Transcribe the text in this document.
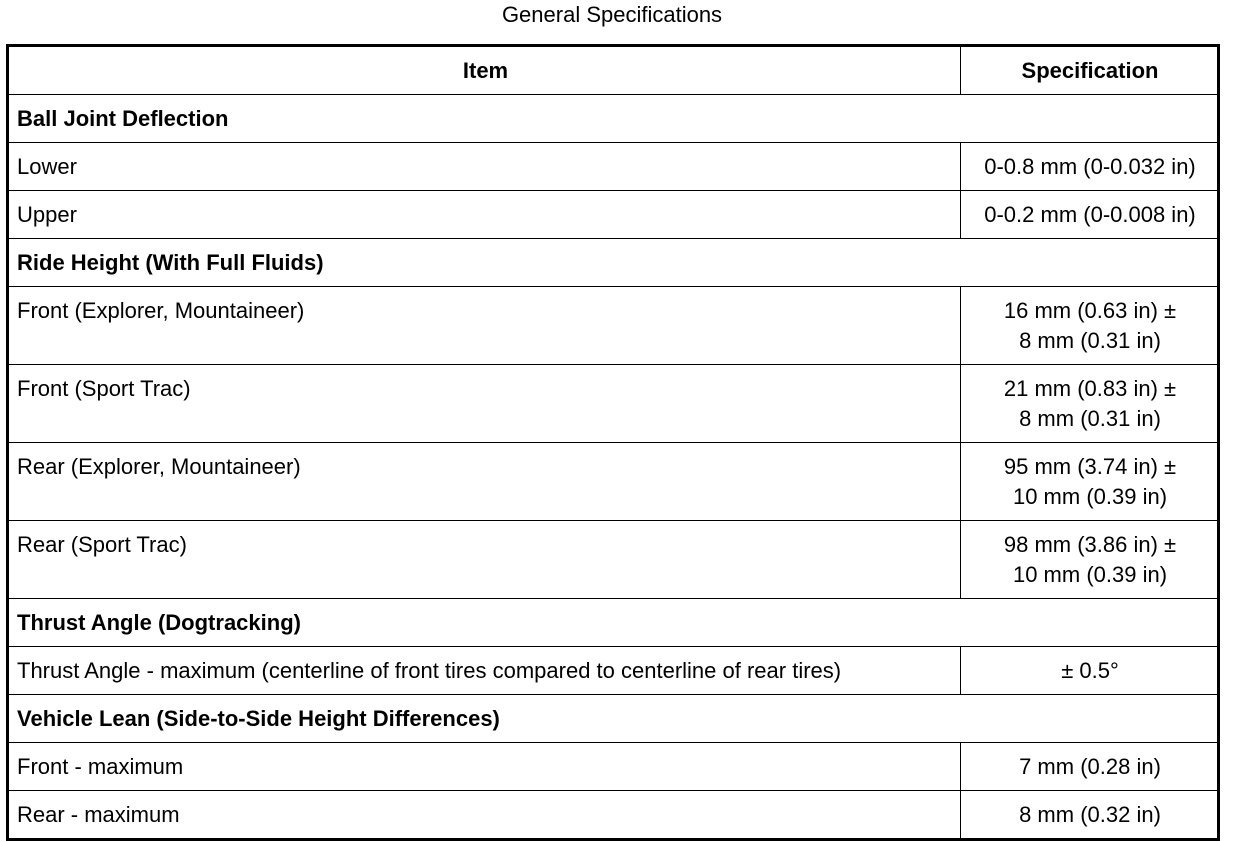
General Specifications
Item	Specification
Ball Joint Deflection	
Lower	0-0.8 mm (0-0.032 in)
Upper	0-0.2 mm (0-0.008 in)
Ride Height (With Full Fluids)	
Front (Explorer, Mountaineer)	16 mm (0.63 in) ±
8 mm (0.31 in)

Front (Sport Trac)	21 mm (0.83 in) ±
8 mm (0.31 in)

Rear (Explorer, Mountaineer)	95 mm (3.74 in) ±
10 mm (0.39 in)

Rear (Sport Trac)	98 mm (3.86 in) ±
10 mm (0.39 in)

Thrust Angle (Dogtracking)	
Thrust Angle - maximum (centerline of front tires compared to centerline of rear tires)	± 0.5°
Vehicle Lean (Side-to-Side Height Differences)	
Front - maximum	7 mm (0.28 in)
Rear - maximum	8 mm (0.32 in)
